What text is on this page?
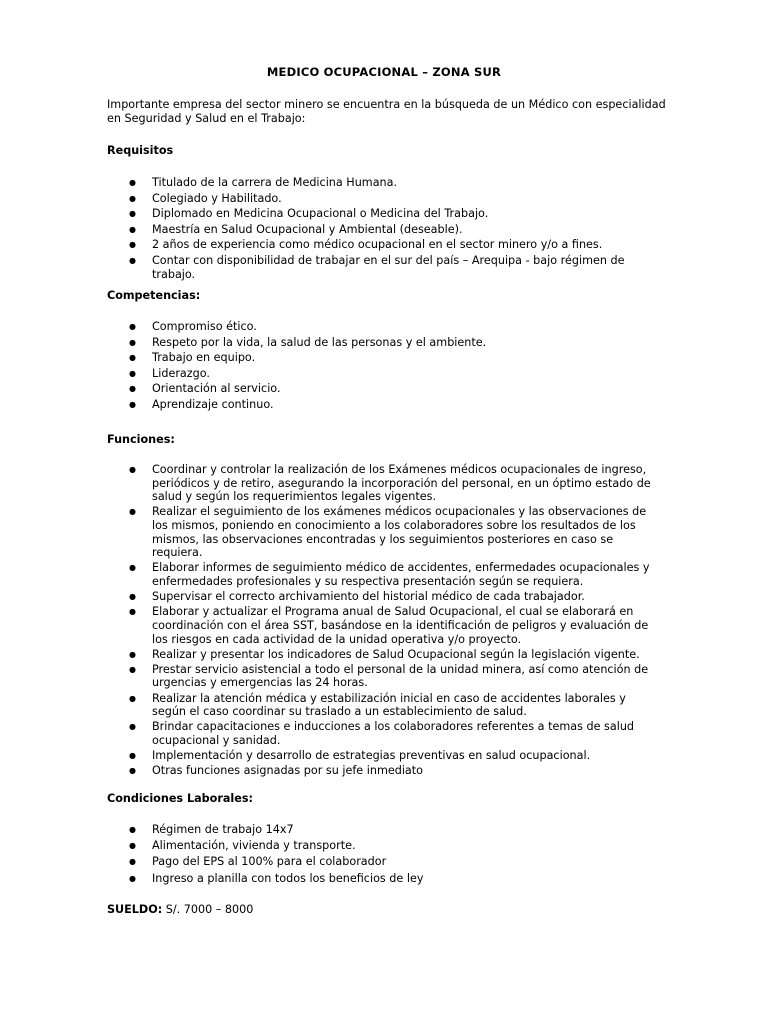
MEDICO OCUPACIONAL – ZONA SUR
Importante empresa del sector minero se encuentra en la búsqueda de un Médico con especialidad en Seguridad y Salud en el Trabajo:
Requisitos
● Titulado de la carrera de Medicina Humana.
● Colegiado y Habilitado.
● Diplomado en Medicina Ocupacional o Medicina del Trabajo.
● Maestría en Salud Ocupacional y Ambiental (deseable).
● 2 años de experiencia como médico ocupacional en el sector minero y/o a fines.
● Contar con disponibilidad de trabajar en el sur del país – Arequipa - bajo régimen de trabajo.
Competencias:
● Compromiso ético.
● Respeto por la vida, la salud de las personas y el ambiente.
● Trabajo en equipo.
● Liderazgo.
● Orientación al servicio.
● Aprendizaje continuo.
Funciones:
● Coordinar y controlar la realización de los Exámenes médicos ocupacionales de ingreso, periódicos y de retiro, asegurando la incorporación del personal, en un óptimo estado de salud y según los requerimientos legales vigentes.
● Realizar el seguimiento de los exámenes médicos ocupacionales y las observaciones de los mismos, poniendo en conocimiento a los colaboradores sobre los resultados de los mismos, las observaciones encontradas y los seguimientos posteriores en caso se requiera.
● Elaborar informes de seguimiento médico de accidentes, enfermedades ocupacionales y enfermedades profesionales y su respectiva presentación según se requiera.
● Supervisar el correcto archivamiento del historial médico de cada trabajador.
● Elaborar y actualizar el Programa anual de Salud Ocupacional, el cual se elaborará en coordinación con el área SST, basándose en la identificación de peligros y evaluación de los riesgos en cada actividad de la unidad operativa y/o proyecto.
● Realizar y presentar los indicadores de Salud Ocupacional según la legislación vigente.
● Prestar servicio asistencial a todo el personal de la unidad minera, así como atención de urgencias y emergencias las 24 horas.
● Realizar la atención médica y estabilización inicial en caso de accidentes laborales y según el caso coordinar su traslado a un establecimiento de salud.
● Brindar capacitaciones e inducciones a los colaboradores referentes a temas de salud ocupacional y sanidad.
● Implementación y desarrollo de estrategias preventivas en salud ocupacional.
● Otras funciones asignadas por su jefe inmediato
Condiciones Laborales:
● Régimen de trabajo 14x7
● Alimentación, vivienda y transporte.
● Pago del EPS al 100% para el colaborador
● Ingreso a planilla con todos los beneficios de ley
SUELDO: S/. 7000 – 8000
